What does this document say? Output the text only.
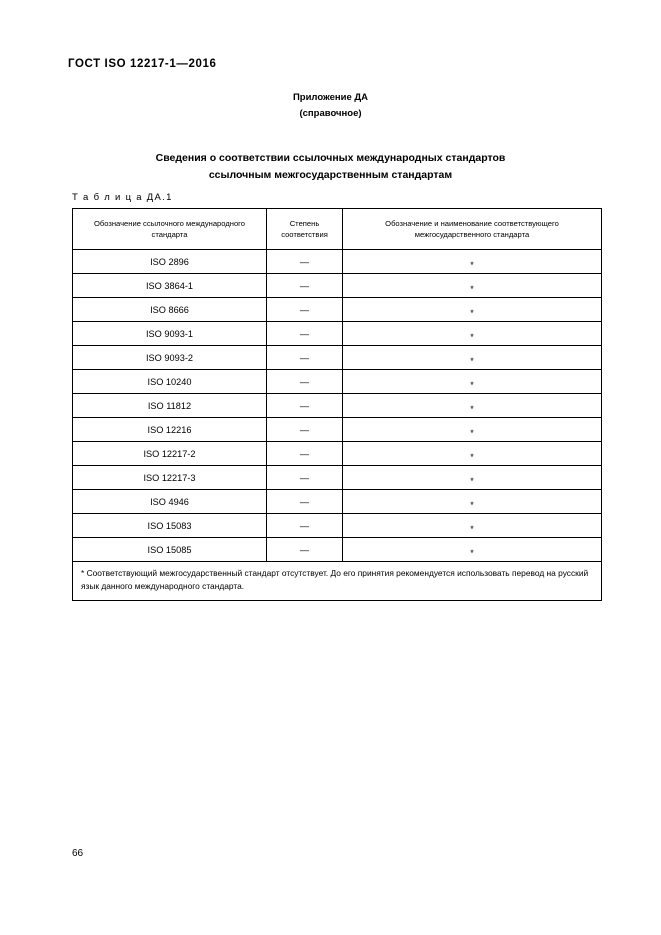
ГОСТ ISO 12217-1—2016
Приложение ДА
(справочное)
Сведения о соответствии ссылочных международных стандартов
ссылочным межгосударственным стандартам
Т а б л и ц а ДА.1
Обозначение ссылочного международного стандарта	Степень соответствия	Обозначение и наименование соответствующего межгосударственного стандарта
ISO 2896	—	*
ISO 3864-1	—	*
ISO 8666	—	*
ISO 9093-1	—	*
ISO 9093-2	—	*
ISO 10240	—	*
ISO 11812	—	*
ISO 12216	—	*
ISO 12217-2	—	*
ISO 12217-3	—	*
ISO 4946	—	*
ISO 15083	—	*
ISO 15085	—	*
* Соответствующий межгосударственный стандарт отсутствует. До его принятия рекомендуется использовать перевод на русский язык данного международного стандарта.		
66
